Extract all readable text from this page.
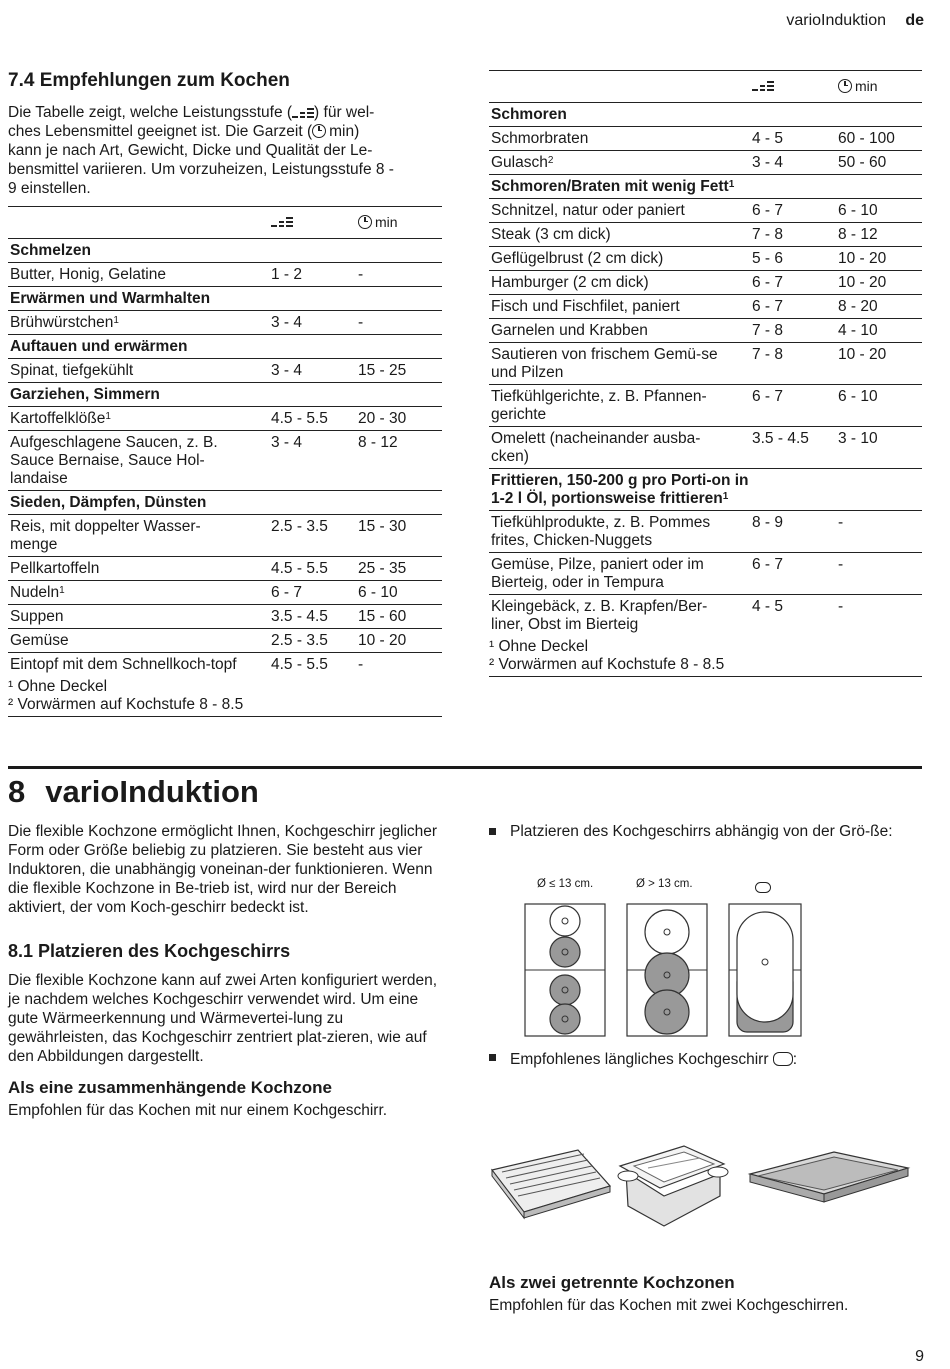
varioInduktion de
7.4 Empfehlungen zum Kochen

Die Tabelle zeigt, welche Leistungsstufe ( ) für wel-
ches Lebensmittel geeignet ist. Die Garzeit ( min)
kann je nach Art, Gewicht, Dicke und Qualität der Le-
bensmittel variieren. Um vorzuheizen, Leistungsstufe 8 -
9 einstellen.

		min
Schmelzen		
Butter, Honig, Gelatine	1 - 2	-
Erwärmen und Warmhalten		
Brühwürstchen$^1$	3 - 4	-
Auftauen und erwärmen		
Spinat, tiefgekühlt	3 - 4	15 - 25
Garziehen, Simmern		
Kartoffelklöße$^1$	4.5 - 5.5	20 - 30
Aufgeschlagene Saucen, z. B. Sauce Bernaise, Sauce Hol-landaise	3 - 4	8 - 12
Sieden, Dämpfen, Dünsten		
Reis, mit doppelter Wasser-menge	2.5 - 3.5	15 - 30
Pellkartoffeln	4.5 - 5.5	25 - 35
Nudeln$^1$	6 - 7	6 - 10
Suppen	3.5 - 4.5	15 - 60
Gemüse	2.5 - 3.5	10 - 20
Eintopf mit dem Schnellkoch-topf	4.5 - 5.5	-
¹ Ohne Deckel
² Vorwärmen auf Kochstufe 8 - 8.5
		min
Schmoren		
Schmorbraten	4 - 5	60 - 100
Gulasch$^2$	3 - 4	50 - 60
Schmoren/Braten mit wenig Fett$^1$
Schnitzel, natur oder paniert	6 - 7	6 - 10
Steak (3 cm dick)	7 - 8	8 - 12
Geflügelbrust (2 cm dick)	5 - 6	10 - 20
Hamburger (2 cm dick)	6 - 7	10 - 20
Fisch und Fischfilet, paniert	6 - 7	8 - 20
Garnelen und Krabben	7 - 8	4 - 10
Sautieren von frischem Gemü-se und Pilzen	7 - 8	10 - 20
Tiefkühlgerichte, z. B. Pfannen-gerichte	6 - 7	6 - 10
Omelett (nacheinander ausba-cken)	3.5 - 4.5	3 - 10
Frittieren, 150-200 g pro Porti-on in 1-2 l Öl, portionsweise frittieren$^1$
Tiefkühlprodukte, z. B. Pommes frites, Chicken-Nuggets	8 - 9	-
Gemüse, Pilze, paniert oder im Bierteig, oder in Tempura	6 - 7	-
Kleingebäck, z. B. Krapfen/Ber-liner, Obst im Bierteig	4 - 5	-
¹ Ohne Deckel
² Vorwärmen auf Kochstufe 8 - 8.5
8 varioInduktion

Die flexible Kochzone ermöglicht Ihnen, Kochgeschirr jeglicher Form oder Größe beliebig zu platzieren. Sie besteht aus vier Induktoren, die unabhängig voneinan-der funktionieren. Wenn die flexible Kochzone in Be-trieb ist, wird nur der Bereich aktiviert, der vom Koch-geschirr bedeckt ist.

8.1 Platzieren des Kochgeschirrs

Die flexible Kochzone kann auf zwei Arten konfiguriert werden, je nachdem welches Kochgeschirr verwendet wird. Um eine gute Wärmeerkennung und Wärmevertei-lung zu gewährleisten, das Kochgeschirr zentriert plat-zieren, wie auf den Abbildungen dargestellt.

Als eine zusammenhängende Kochzone

Empfohlen für das Kochen mit nur einem Kochgeschirr.

Platzieren des Kochgeschirrs abhängig von der Grö-ße:
Ø ≤ 13 cm.	Ø > 13 cm.
Empfohlenes längliches Kochgeschirr :
Als zwei getrennte Kochzonen

Empfohlen für das Kochen mit zwei Kochgeschirren.

9
